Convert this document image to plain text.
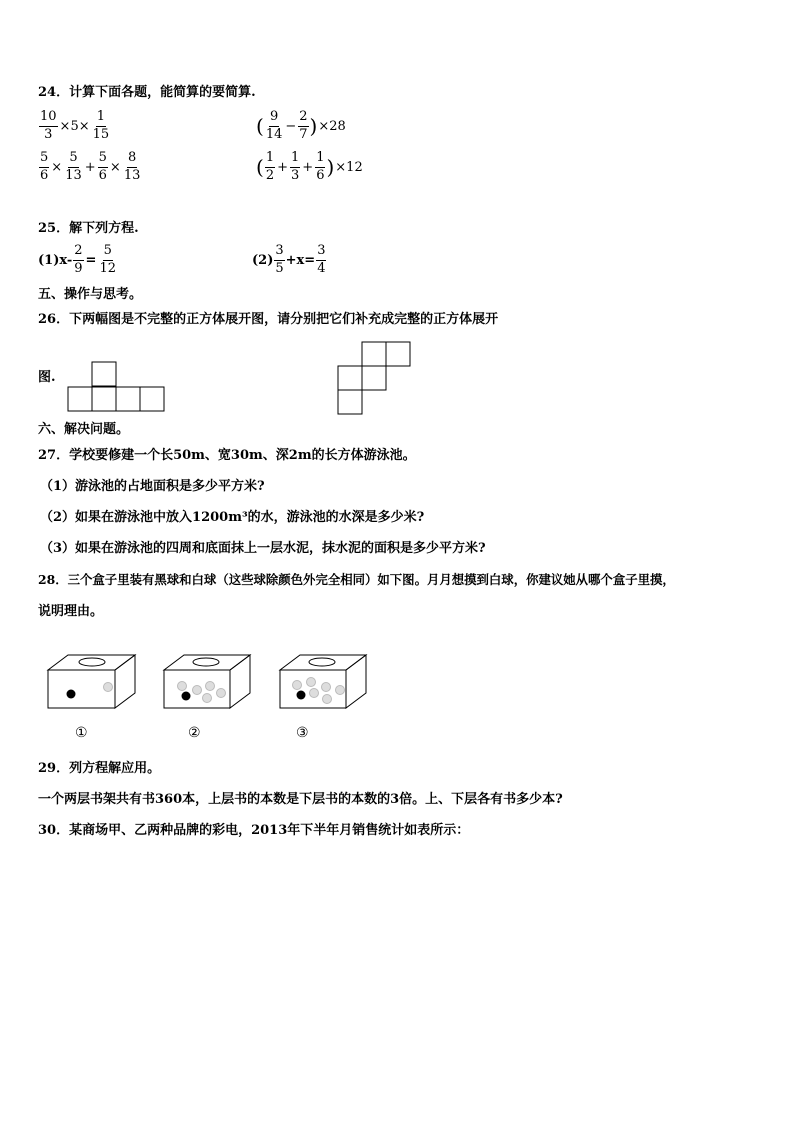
24．计算下面各题，能简算的要简算.
$\frac{10}{3} \times 5\times \frac{1}{15}$	( $\frac{9}{14} - \frac{2}{7}$ ) ×28
$\frac{5}{6} \times \frac{5}{13} + \frac{5}{6} \times \frac{8}{13}$	( $\frac{1}{2} + \frac{1}{3} + \frac{1}{6}$ ) ×12
25．解下列方程.
$(1)x- \frac{2}{9} = \frac{5}{12}$	$(2) \frac{3}{5} +x= \frac{3}{4}$
五、操作与思考。
26．下两幅图是不完整的正方体展开图，请分别把它们补充成完整的正方体展开
图.
六、解决问题。
27．学校要修建一个长50m、宽30m、深2m的长方体游泳池。
（1）游泳池的占地面积是多少平方米?
（2）如果在游泳池中放入1200m³的水，游泳池的水深是多少米?
（3）如果在游泳池的四周和底面抹上一层水泥，抹水泥的面积是多少平方米?
28．三个盒子里装有黑球和白球（这些球除颜色外完全相同）如下图。月月想摸到白球，你建议她从哪个盒子里摸，
说明理由。
①	②	③
29．列方程解应用。
一个两层书架共有书360本，上层书的本数是下层书的本数的3倍。上、下层各有书多少本?
30．某商场甲、乙两种品牌的彩电，2013年下半年月销售统计如表所示：
